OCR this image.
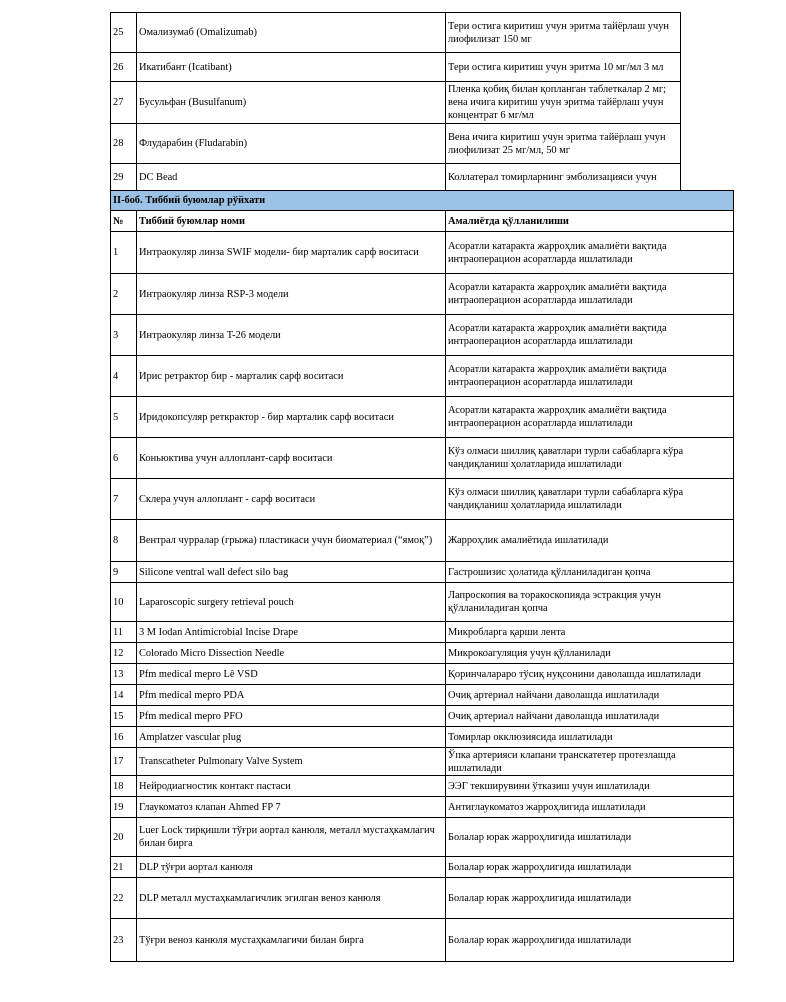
25	Омализумаб (Omalizumab)	Тери остига киритиш учун эритма тайёрлаш учун лиофилизат 150 мг	
26	Икатибант (Icatibant)	Тери остига киритиш учун эритма 10 мг/мл 3 мл	
27	Бусульфан (Busulfanum)	Пленка қобиқ билан қопланган таблеткалар 2 мг; вена ичига киритиш учун эритма тайёрлаш учун концентрат 6 мг/мл	
28	Флударабин (Fludarabin)	Вена ичига киритиш учун эритма тайёрлаш учун лиофилизат 25 мг/мл, 50 мг	
29	DC Bead	Коллатерал томирларнинг эмболизацияси учун	
II-боб. Тиббий буюмлар рўйхати			
№	Тиббий буюмлар номи	Амалиётда қўлланилиши	
1	Интраокуляр линза SWIF модели- бир марталик сарф воситаси	Асоратли катаракта жарроҳлик амалиёти вақтида интраоперацион асоратларда ишлатилади	
2	Интраокуляр линза RSP-3 модели	Асоратли катаракта жарроҳлик амалиёти вақтида интраоперацион асоратларда ишлатилади	
3	Интраокуляр линза T-26 модели	Асоратли катаракта жарроҳлик амалиёти вақтида интраоперацион асоратларда ишлатилади	
4	Ирис ретрактор бир - марталик сарф воситаси	Асоратли катаракта жарроҳлик амалиёти вақтида интраоперацион асоратларда ишлатилади	
5	Иридокопсуляр реткрактор - бир марталик сарф воситаси	Асоратли катаракта жарроҳлик амалиёти вақтида интраоперацион асоратларда ишлатилади	
6	Коньюктива учун аллоплант-сарф воситаси	Кўз олмаси шиллиқ қаватлари турли сабабларга кўра чандиқланиш ҳолатларида ишлатилади	
7	Склера учун аллоплант - сарф воситаси	Кўз олмаси шиллиқ қаватлари турли сабабларга кўра чандиқланиш ҳолатларида ишлатилади	
8	Вентрал чурралар (грыжа) пластикаси учун биоматериал (“ямоқ”)	Жарроҳлик амалиётида ишлатилади	
9	Silicone ventral wall defect silo bag	Гастрошизис ҳолатида қўлланиладиган қопча	
10	Laparoscopic surgery retrieval pouch	Лапроскопия ва торакоскопияда эстракция учун қўлланиладиган қопча	
11	3 M Iodan Antimicrobial Incise Drape	Микробларга қарши лента	
12	Colorado Micro Dissection Needle	Микрокоагуляция учун қўлланилади	
13	Pfm medical mepro Lê VSD	Қоринчалараро тўсиқ нуқсонини даволашда ишлатилади	
14	Pfm medical mepro PDA	Очиқ артериал найчани даволашда ишлатилади	
15	Pfm medical mepro PFO	Очиқ артериал найчани даволашда ишлатилади	
16	Amplatzer vascular plug	Томирлар окклюзиясида ишлатилади	
17	Transcatheter Pulmonary Valve System	Ўпка артерияси клапани транскатетер протезлашда ишлатилади	
18	Нейродиагностик контакт пастаси	ЭЭГ текширувини ўтказиш учун ишлатилади	
19	Глаукоматоз клапан Ahmed FP 7	Антиглаукоматоз жарроҳлигида ишлатилади	
20	Luer Lock тирқишли тўғри аортал канюля, металл мустаҳкамлагич билан бирга	Болалар юрак жарроҳлигида ишлатилади	
21	DLP тўғри аортал канюля	Болалар юрак жарроҳлигида ишлатилади	
22	DLP металл мустаҳкамлагичлик эгилган веноз канюля	Болалар юрак жарроҳлигида ишлатилади	
23	Тўғри веноз канюля мустаҳкамлагичи билан бирга	Болалар юрак жарроҳлигида ишлатилади	
